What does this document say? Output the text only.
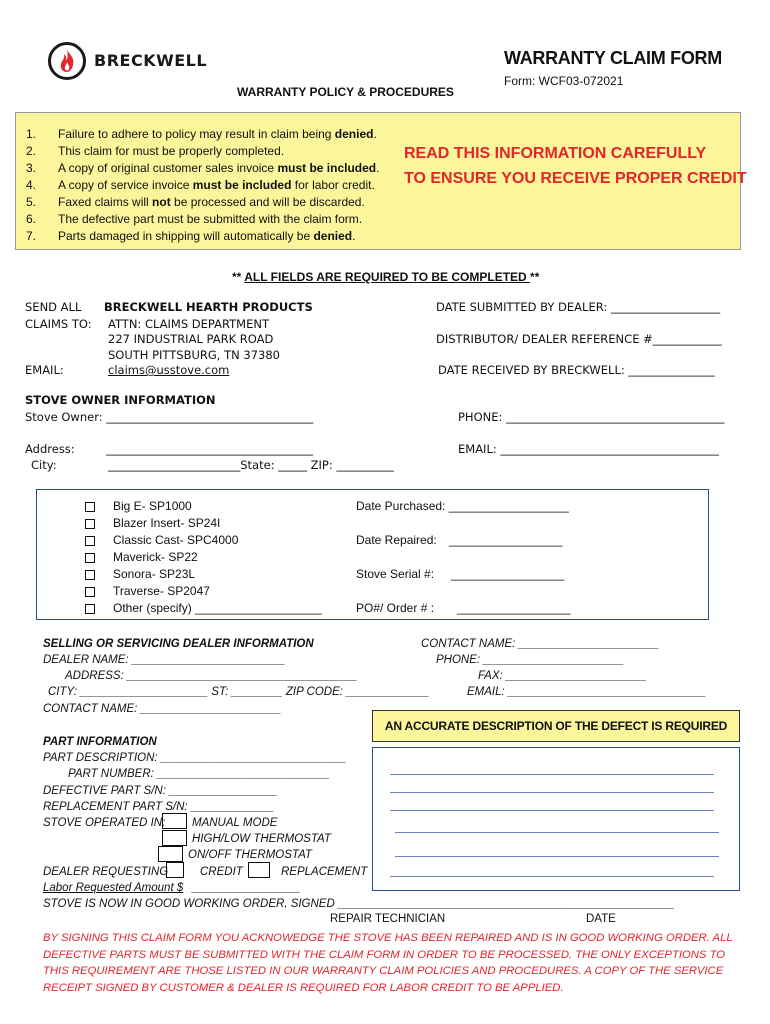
BRECKWELL	WARRANTY CLAIM FORM
Form: WCF03-072021
WARRANTY POLICY & PROCEDURES
1. Failure to adhere to policy may result in claim being denied.
2. This claim for must be properly completed.
3. A copy of original customer sales invoice must be included.
4. A copy of service invoice must be included for labor credit.
5. Faxed claims will not be processed and will be discarded.
6. The defective part must be submitted with the claim form.
7. Parts damaged in shipping will automatically be denied.
READ THIS INFORMATION CAREFULLY
TO ENSURE YOU RECEIVE PROPER CREDIT
** ALL FIELDS ARE REQUIRED TO BE COMPLETED **
SEND ALL
CLAIMS TO:
BRECKWELL HEARTH PRODUCTS
ATTN: CLAIMS DEPARTMENT
227 INDUSTRIAL PARK ROAD
SOUTH PITTSBURG, TN 37380
EMAIL:	claims@usstove.com
DATE SUBMITTED BY DEALER: ___________________
DISTRIBUTOR/ DEALER REFERENCE #____________
DATE RECEIVED BY BRECKWELL: _______________
STOVE OWNER INFORMATION
Stove Owner: ____________________________________	PHONE: ______________________________________
Address:	____________________________________	EMAIL: ______________________________________
City:	_______________________State: _____ ZIP: __________
Big E- SP1000
Blazer Insert- SP24I
Classic Cast- SPC4000
Maverick- SP22
Sonora- SP23L
Traverse- SP2047
Other (specify) ___________________
Date Purchased: __________________
Date Repaired: _________________
Stove Serial #: _________________
PO#/ Order # : _________________
SELLING OR SERVICING DEALER INFORMATION
DEALER NAME: ________________________
ADDRESS: ____________________________________
CITY: ____________________ ST: ________ ZIP CODE: _____________
CONTACT NAME: ______________________
CONTACT NAME: ______________________
PHONE: ______________________
FAX: ______________________
EMAIL: _______________________________
AN ACCURATE DESCRIPTION OF THE DEFECT IS REQUIRED
PART INFORMATION
PART DESCRIPTION: _____________________________
PART NUMBER: ___________________________
DEFECTIVE PART S/N: _________________
REPLACEMENT PART S/N: _____________
STOVE OPERATED IN: MANUAL MODE
HIGH/LOW THERMOSTAT
ON/OFF THERMOSTAT
DEALER REQUESTING	CREDIT	REPLACEMENT
Labor Requested Amount $ _________________
STOVE IS NOW IN GOOD WORKING ORDER, SIGNED ____________________________________
_________________
REPAIR TECHNICIAN	DATE
BY SIGNING THIS CLAIM FORM YOU ACKNOWEDGE THE STOVE HAS BEEN REPAIRED AND IS IN GOOD WORKING ORDER. ALL DEFECTIVE PARTS MUST BE SUBMITTED WITH THE CLAIM FORM IN ORDER TO BE PROCESSED. THE ONLY EXCEPTIONS TO THIS REQUIREMENT ARE THOSE LISTED IN OUR WARRANTY CLAIM POLICIES AND PROCEDURES. A COPY OF THE SERVICE RECEIPT SIGNED BY CUSTOMER & DEALER IS REQUIRED FOR LABOR CREDIT TO BE APPLIED.
